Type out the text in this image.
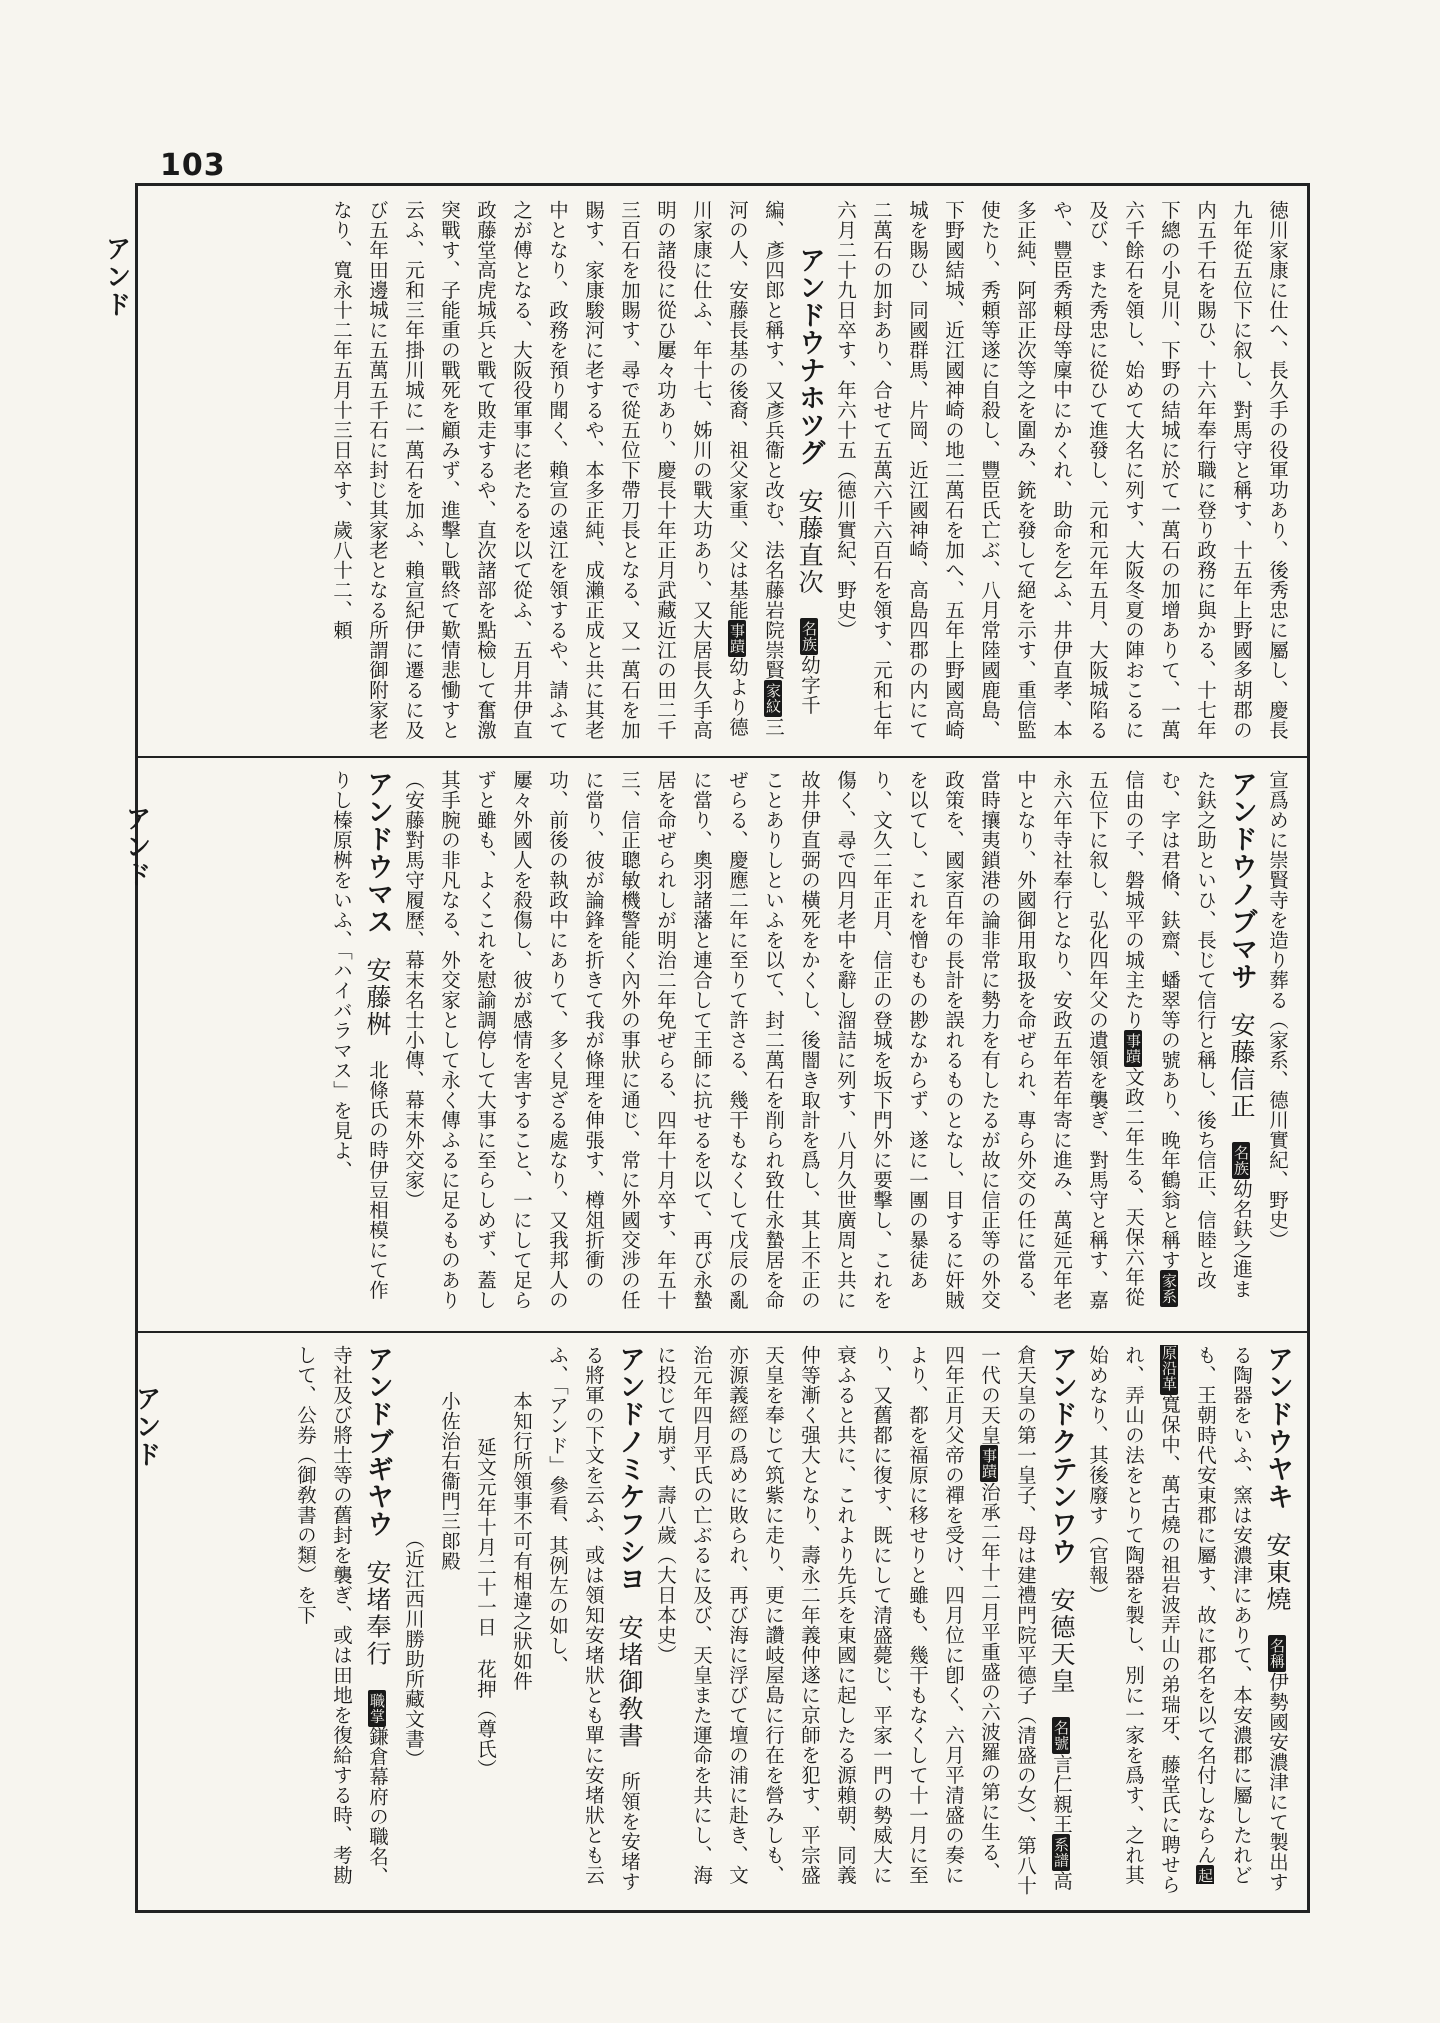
103

徳川家康に仕へ、長久手の役軍功あり、後秀忠に屬し、慶長九年從五位下に叙し、對馬守と稱す、十五年上野國多胡郡の内五千石を賜ひ、十六年奉行職に登り政務に與かる、十七年下總の小見川、下野の結城に於て一萬石の加增ありて、一萬六千餘石を領し、始めて大名に列す、大阪冬夏の陣おこるに及び、また秀忠に從ひて進發し、元和元年五月、大阪城陷るや、豐臣秀頼母等廩中にかくれ、助命を乞ふ、井伊直孝、本多正純、阿部正次等之を圍み、銃を發して絕を示す、重信監使たり、秀頼等遂に自殺し、豐臣氏亡ぶ、八月常陸國鹿島、下野國結城、近江國神崎の地二萬石を加へ、五年上野國高崎城を賜ひ、同國群馬、片岡、近江國神崎、高島四郡の内にて二萬石の加封あり、合せて五萬六千六百石を領す、元和七年六月二十九日卒す、年六十五（德川實紀、野史）

アンドウナホツグ安藤直次名族幼字千編、彥四郎と稱す、又彥兵衞と改む、法名藤岩院崇賢家紋三河の人、安藤長基の後裔、祖父家重、父は基能事蹟幼より德川家康に仕ふ、年十七、姊川の戰大功あり、又大居長久手高明の諸役に從ひ屢々功あり、慶長十年正月武藏近江の田二千三百石を加賜す、尋で從五位下帶刀長となる、又一萬石を加賜す、家康駿河に老するや、本多正純、成瀨正成と共に其老中となり、政務を預り聞く、賴宣の遠江を領するや、請ふて之が傅となる、大阪役軍事に老たるを以て從ふ、五月井伊直政藤堂高虎城兵と戰て敗走するや、直次諸部を點檢して奮激突戰す、子能重の戰死を顧みず、進擊し戰終て歎情悲慟すと云ふ、元和三年掛川城に一萬石を加ふ、賴宣紀伊に遷るに及び五年田邊城に五萬五千石に封じ其家老となる所謂御附家老なり、寬永十二年五月十三日卒す、歲八十二、頼

宣爲めに崇賢寺を造り葬る（家系、德川實紀、野史）

アンドウノブマサ安藤信正名族幼名鈇之進また鈇之助といひ、長じて信行と稱し、後ち信正、信睦と改む、字は君脩、鈇齋、蟠翠等の號あり、晚年鶴翁と稱す家系信由の子、磐城平の城主たり事蹟文政二年生る、天保六年從五位下に叙し、弘化四年父の遺領を襲ぎ、對馬守と稱す、嘉永六年寺社奉行となり、安政五年若年寄に進み、萬延元年老中となり、外國御用取扱を命ぜられ、專ら外交の任に當る、當時攘夷鎖港の論非常に勢力を有したるが故に信正等の外交政策を、國家百年の長計を誤れるものとなし、目するに奸賊を以てし、これを憎むもの尠なからず、遂に一團の暴徒あり、文久二年正月、信正の登城を坂下門外に要擊し、これを傷く、尋で四月老中を辭し溜詰に列す、八月久世廣周と共に故井伊直弼の橫死をかくし、後闇き取計を爲し、其上不正のことありしといふを以て、封二萬石を削られ致仕永蟄居を命ぜらる、慶應二年に至りて許さる、幾干もなくして戊辰の亂に當り、奧羽諸藩と連合して王師に抗せるを以て、再び永蟄居を命ぜられしが明治二年免ぜらる、四年十月卒す、年五十三、信正聰敏機警能く內外の事狀に通じ、常に外國交涉の任に當り、彼が論鋒を折きて我が條理を伸張す、樽俎折衝の功、前後の執政中にありて、多く見ざる處なり、又我邦人の屢々外國人を殺傷し、彼が感情を害すること、一にして足らずと雖も、よくこれを慰諭調停して大事に至らしめず、蓋し其手腕の非凡なる、外交家として永く傳ふるに足るものあり（安藤對馬守履歷、幕末名士小傳、幕末外交家）

アンドウマス安藤桝北條氏の時伊豆相模にて作りし榛原桝をいふ、「ハイバラマス」を見よ、

アンドウヤキ安東燒名稱伊勢國安濃津にて製出する陶器をいふ、窯は安濃津にありて、本安濃郡に屬したれども、王朝時代安東郡に屬す、故に郡名を以て名付しならん起原沿革寬保中、萬古燒の祖岩波弄山の弟瑞牙、藤堂氏に聘せられ、弄山の法をとりて陶器を製し、別に一家を爲す、之れ其始めなり、其後廢す（官報）

アンドクテンワウ安德天皇名號言仁親王系譜高倉天皇の第一皇子、母は建禮門院平德子（清盛の女）、第八十一代の天皇事蹟治承二年十二月平重盛の六波羅の第に生る、四年正月父帝の禪を受け、四月位に卽く、六月平清盛の奏により、都を福原に移せりと雖も、幾干もなくして十一月に至り、又舊都に復す、既にして清盛薨じ、平家一門の勢威大に衰ふると共に、これより先兵を東國に起したる源賴朝、同義仲等漸く强大となり、壽永二年義仲遂に京師を犯す、平宗盛天皇を奉じて筑紫に走り、更に讚岐屋島に行在を營みしも、亦源義經の爲めに敗られ、再び海に浮びて壇の浦に赴き、文治元年四月平氏の亡ぶるに及び、天皇また運命を共にし、海に投じて崩ず、壽八歲（大日本史）

アンドノミケフシヨ安堵御敎書所領を安堵する將軍の下文を云ふ、或は領知安堵狀とも單に安堵狀とも云ふ、「アンド」參看、其例左の如し、

本知行所領事不可有相違之狀如件

延文元年十月二十一日花押（尊氏）

小佐治右衞門三郞殿

（近江西川勝助所藏文書）

アンドブギヤウ安堵奉行職掌鎌倉幕府の職名、寺社及び將士等の舊封を襲ぎ、或は田地を復給する時、考勘して、公券（御敎書の類）を下

アンド
アンド
アンド
